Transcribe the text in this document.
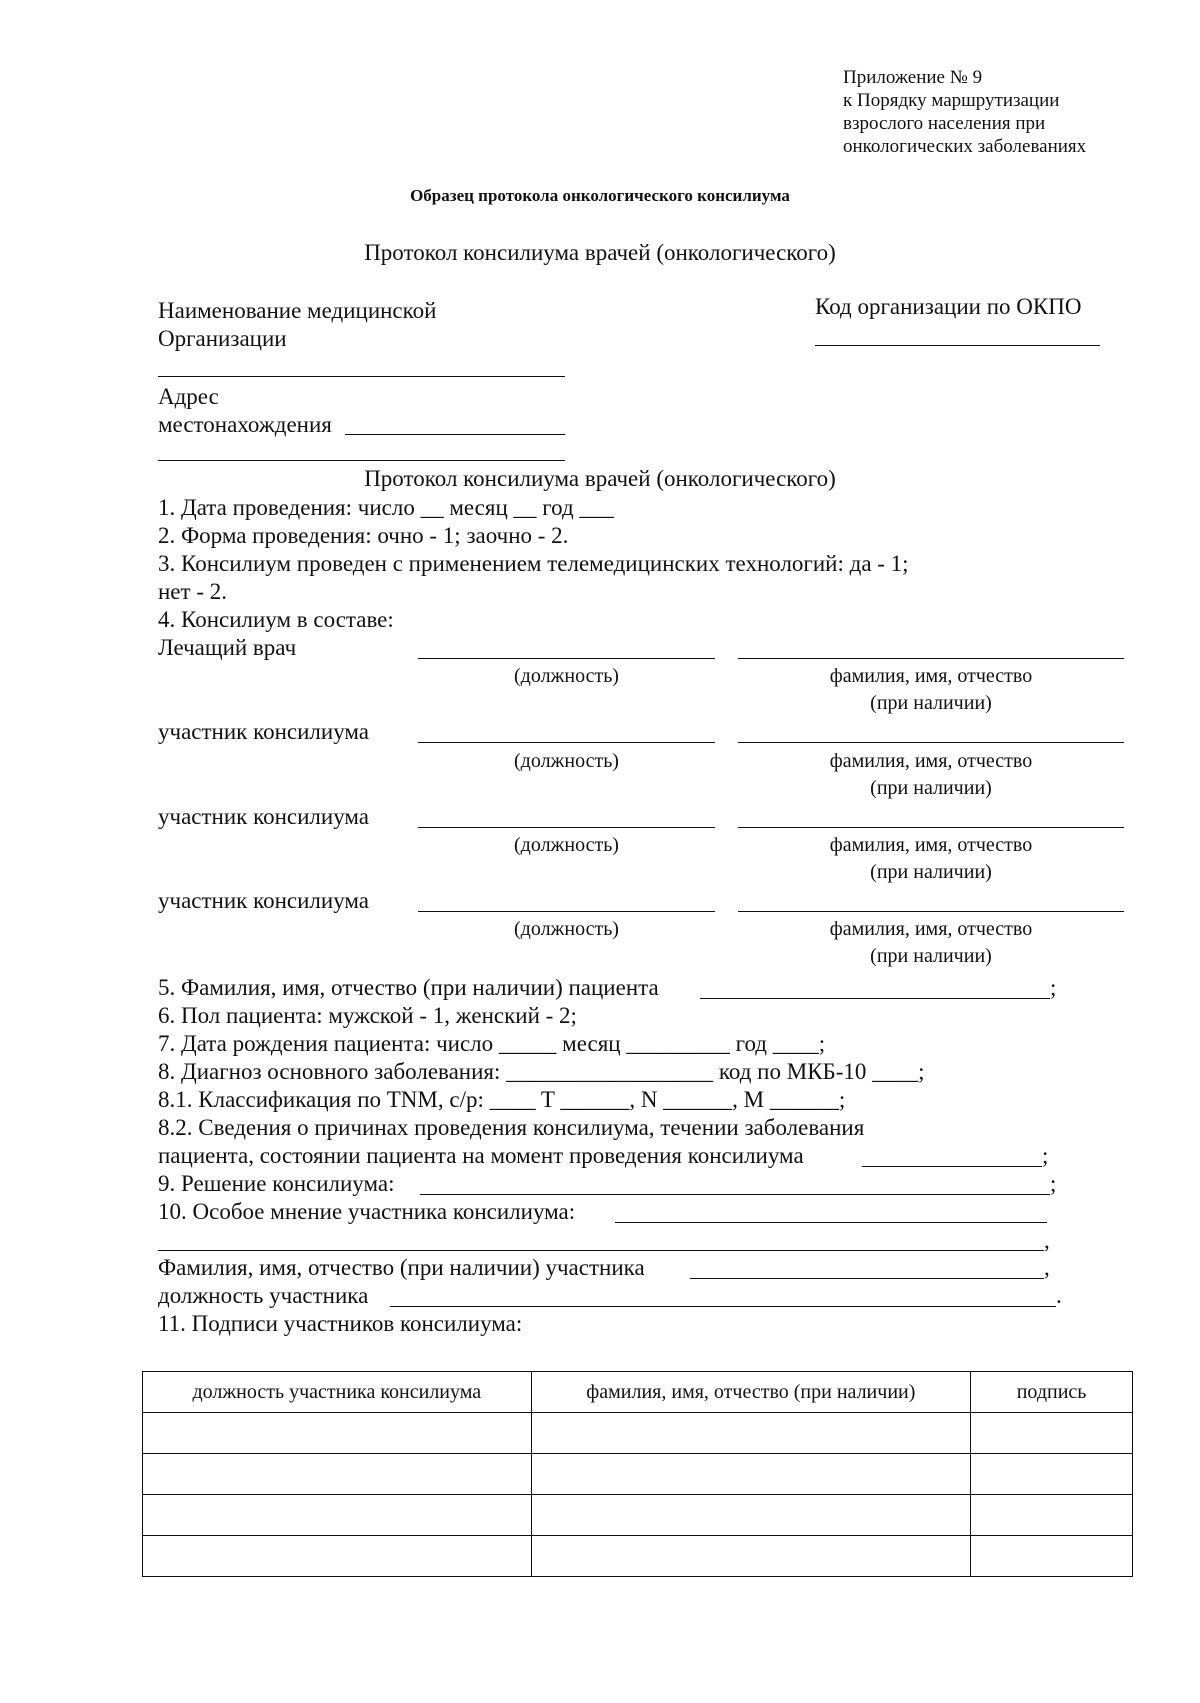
Приложение № 9
к Порядку маршрутизации
взрослого населения при
онкологических заболеваниях
Образец протокола онкологического консилиума
Протокол консилиума врачей (онкологического)
Наименование медицинской
Организации
Код организации по ОКПО
Адрес
местонахождения
Протокол консилиума врачей (онкологического)
1. Дата проведения: число __ месяц __ год ___
2. Форма проведения: очно - 1; заочно - 2.
3. Консилиум проведен с применением телемедицинских технологий: да - 1;
нет - 2.
4. Консилиум в составе:
Лечащий врач
(должность)	фамилия, имя, отчество
(при наличии)
участник консилиума
(должность)	фамилия, имя, отчество
(при наличии)
участник консилиума
(должность)	фамилия, имя, отчество
(при наличии)
участник консилиума
(должность)	фамилия, имя, отчество
(при наличии)
5. Фамилия, имя, отчество (при наличии) пациента	;
6. Пол пациента: мужской - 1, женский - 2;
7. Дата рождения пациента: число _____ месяц _________ год ____;
8. Диагноз основного заболевания: __________________ код по МКБ-10 ____;
8.1. Классификация по TNM, c/p: ____ T ______, N ______, M ______;
8.2. Сведения о причинах проведения консилиума, течении заболевания
пациента, состоянии пациента на момент проведения консилиума	;
9. Решение консилиума:	;
10. Особое мнение участника консилиума:
,
Фамилия, имя, отчество (при наличии) участника	,
должность участника	.
11. Подписи участников консилиума:
должность участника консилиума	фамилия, имя, отчество (при наличии)	подпись
